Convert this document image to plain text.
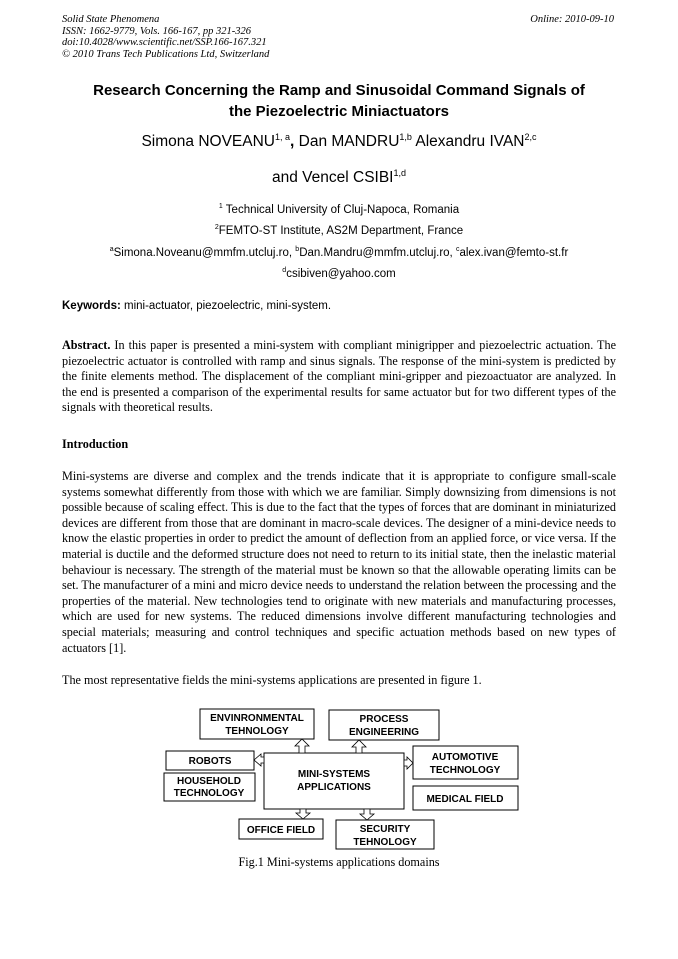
Solid State Phenomena
ISSN: 1662-9779, Vols. 166-167, pp 321-326
doi:10.4028/www.scientific.net/SSP.166-167.321
© 2010 Trans Tech Publications Ltd, Switzerland
Online: 2010-09-10
Research Concerning the Ramp and Sinusoidal Command Signals of
the Piezoelectric Miniactuators
Simona NOVEANU$^{1, a}$, Dan MANDRU$^{1,b}$ Alexandru IVAN$^{2,c}$
and Vencel CSIBI$^{1,d}$
$^1$ Technical University of Cluj-Napoca, Romania
$^2$FEMTO-ST Institute, AS2M Department, France
$^a$Simona.Noveanu@mmfm.utcluj.ro, $^b$Dan.Mandru@mmfm.utcluj.ro, $^c$alex.ivan@femto-st.fr
$^d$csibiven@yahoo.com
Keywords: mini-actuator, piezoelectric, mini-system.
Abstract. In this paper is presented a mini-system with compliant minigripper and piezoelectric actuation. The piezoelectric actuator is controlled with ramp and sinus signals. The response of the mini-system is predicted by the finite elements method. The displacement of the compliant mini-gripper and piezoactuator are analyzed. In the end is presented a comparison of the experimental results for same actuator but for two different types of the signals with theoretical results.
Introduction
Mini-systems are diverse and complex and the trends indicate that it is appropriate to configure small-scale systems somewhat differently from those with which we are familiar. Simply downsizing from dimensions is not possible because of scaling effect. This is due to the fact that the types of forces that are dominant in miniaturized devices are different from those that are dominant in macro-scale devices. The designer of a mini-device needs to know the elastic properties in order to predict the amount of deflection from an applied force, or vice versa. If the material is ductile and the deformed structure does not need to return to its initial state, then the inelastic material behaviour is necessary. The strength of the material must be known so that the allowable operating limits can be set. The manufacturer of a mini and micro device needs to understand the relation between the processing and the properties of the material. New technologies tend to originate with new materials and manufacturing processes, which are used for new systems. The reduced dimensions involve different manufacturing technologies and special materials; measuring and control techniques and specific actuation methods based on new types of actuators [1].
The most representative fields the mini-systems applications are presented in figure 1.
ENVINRONMENTAL
TEHNOLOGY
PROCESS
ENGINEERING
ROBOTS
HOUSEHOLD
TECHNOLOGY
MINI-SYSTEMS
APPLICATIONS
AUTOMOTIVE
TECHNOLOGY
MEDICAL FIELD
OFFICE FIELD	SECURITY
TEHNOLOGY
Fig.1 Mini-systems applications domains
